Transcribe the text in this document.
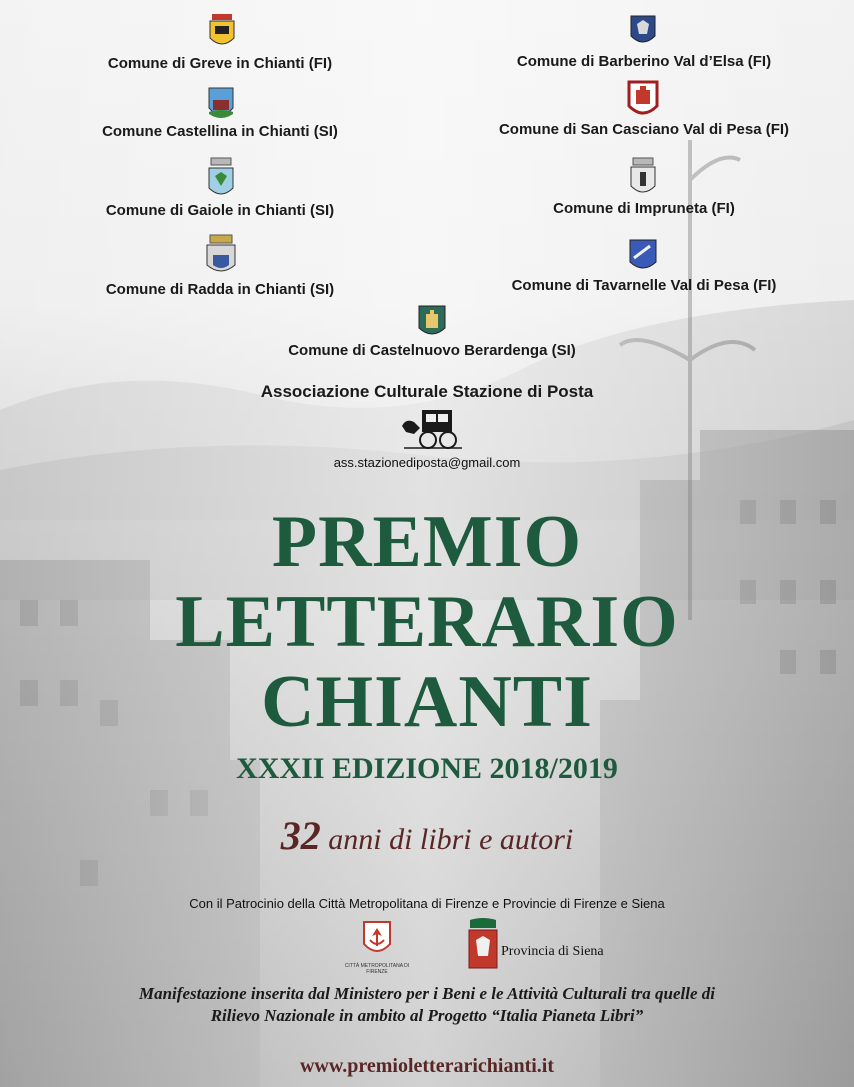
Comune di Greve in Chianti (FI)	Comune di Barberino Val d’Elsa (FI)
Comune Castellina in Chianti (SI)	Comune di San Casciano Val di Pesa (FI)
Comune di Gaiole in Chianti (SI)	Comune di Impruneta (FI)
Comune di Radda in Chianti (SI)	Comune di Tavarnelle Val di Pesa (FI)
Comune di Castelnuovo Berardenga (SI)
Associazione Culturale Stazione di Posta
ass.stazionediposta@gmail.com
PREMIO
LETTERARIO
CHIANTI
XXXII EDIZIONE 2018/2019
32 anni di libri e autori
Con il Patrocinio della Città Metropolitana di Firenze e Provincie di Firenze e Siena
CITTÀ METROPOLITANA DI FIRENZE
Provincia di Siena
Manifestazione inserita dal Ministero per i Beni e le Attività Culturali tra quelle di
Rilievo Nazionale in ambito al Progetto “Italia Pianeta Libri”
www.premioletterarichianti.it
